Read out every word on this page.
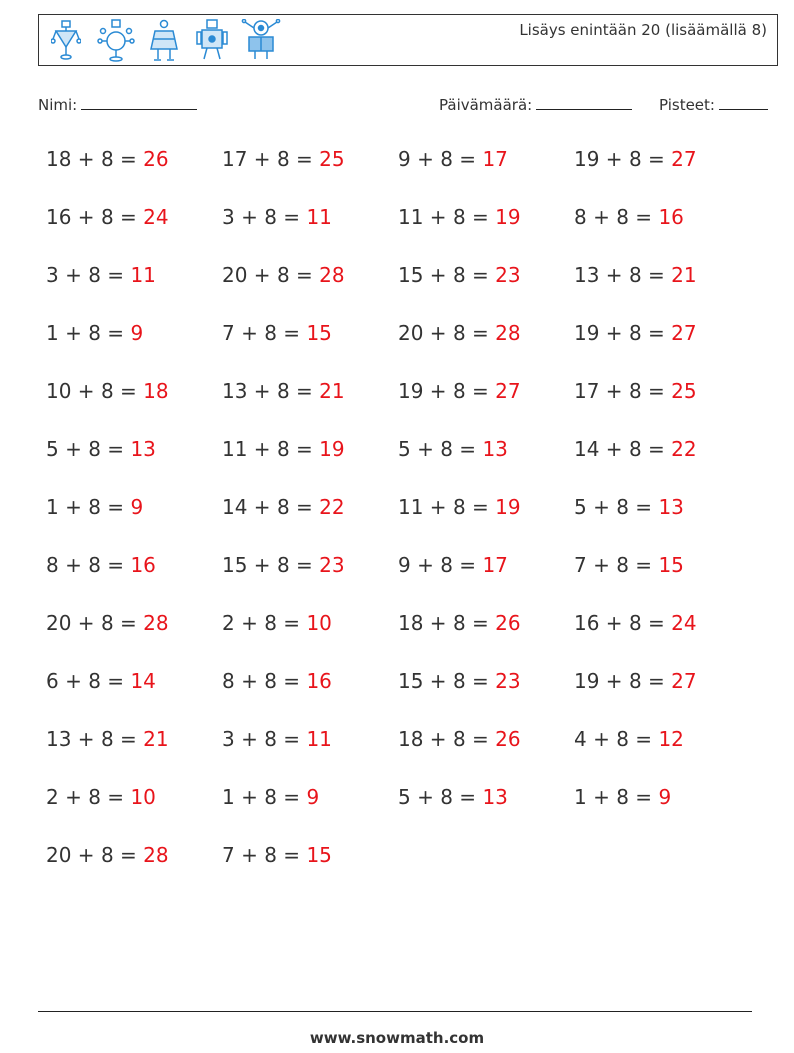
Lisäys enintään 20 (lisäämällä 8)
Nimi:	Päivämäärä:	Pisteet:
18 + 8 = 26
16 + 8 = 24
3 + 8 = 11
1 + 8 = 9
10 + 8 = 18
5 + 8 = 13
1 + 8 = 9
8 + 8 = 16
20 + 8 = 28
6 + 8 = 14
13 + 8 = 21
2 + 8 = 10
20 + 8 = 28
17 + 8 = 25
3 + 8 = 11
20 + 8 = 28
7 + 8 = 15
13 + 8 = 21
11 + 8 = 19
14 + 8 = 22
15 + 8 = 23
2 + 8 = 10
8 + 8 = 16
3 + 8 = 11
1 + 8 = 9
7 + 8 = 15
9 + 8 = 17
11 + 8 = 19
15 + 8 = 23
20 + 8 = 28
19 + 8 = 27
5 + 8 = 13
11 + 8 = 19
9 + 8 = 17
18 + 8 = 26
15 + 8 = 23
18 + 8 = 26
5 + 8 = 13
19 + 8 = 27
8 + 8 = 16
13 + 8 = 21
19 + 8 = 27
17 + 8 = 25
14 + 8 = 22
5 + 8 = 13
7 + 8 = 15
16 + 8 = 24
19 + 8 = 27
4 + 8 = 12
1 + 8 = 9
www.snowmath.com
